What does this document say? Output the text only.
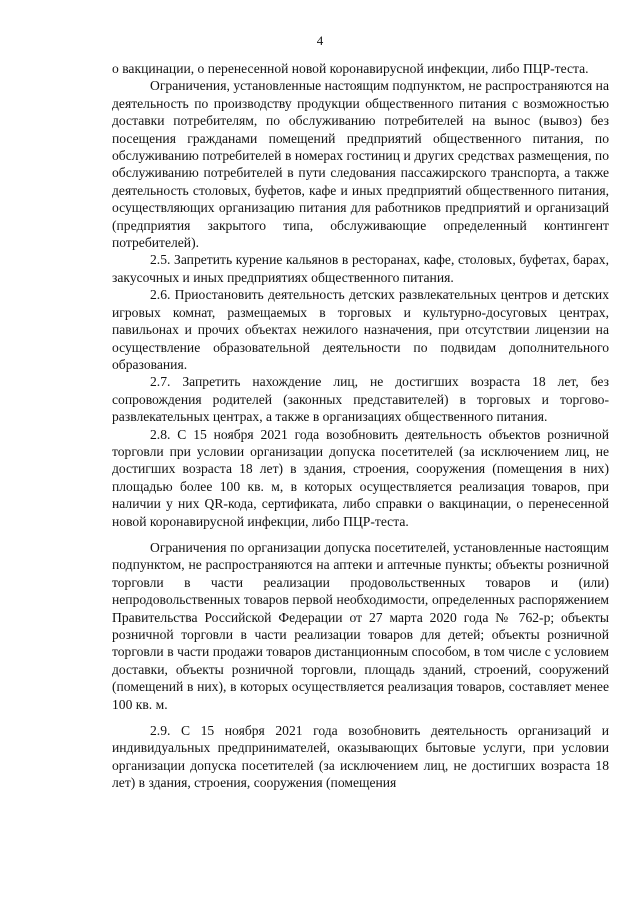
4

о вакцинации, о перенесенной новой коронавирусной инфекции, либо ПЦР-теста.

Ограничения, установленные настоящим подпунктом, не распространяются на деятельность по производству продукции общественного питания с возможностью доставки потребителям, по обслуживанию потребителей на вынос (вывоз) без посещения гражданами помещений предприятий общественного питания, по обслуживанию потребителей в номерах гостиниц и других средствах размещения, по обслуживанию потребителей в пути следования пассажирского транспорта, а также деятельность столовых, буфетов, кафе и иных предприятий общественного питания, осуществляющих организацию питания для работников предприятий и организаций (предприятия закрытого типа, обслуживающие определенный контингент потребителей).

2.5. Запретить курение кальянов в ресторанах, кафе, столовых, буфетах, барах, закусочных и иных предприятиях общественного питания.

2.6. Приостановить деятельность детских развлекательных центров и детских игровых комнат, размещаемых в торговых и культурно-досуговых центрах, павильонах и прочих объектах нежилого назначения, при отсутствии лицензии на осуществление образовательной деятельности по подвидам дополнительного образования.

2.7. Запретить нахождение лиц, не достигших возраста 18 лет, без сопровождения родителей (законных представителей) в торговых и торгово-развлекательных центрах, а также в организациях общественного питания.

2.8. С 15 ноября 2021 года возобновить деятельность объектов розничной торговли при условии организации допуска посетителей (за исключением лиц, не достигших возраста 18 лет) в здания, строения, сооружения (помещения в них) площадью более 100 кв. м, в которых осуществляется реализация товаров, при наличии у них QR-кода, сертификата, либо справки о вакцинации, о перенесенной новой коронавирусной инфекции, либо ПЦР-теста.

Ограничения по организации допуска посетителей, установленные настоящим подпунктом, не распространяются на аптеки и аптечные пункты; объекты розничной торговли в части реализации продовольственных товаров и (или) непродовольственных товаров первой необходимости, определенных распоряжением Правительства Российской Федерации от 27 марта 2020 года № 762-р; объекты розничной торговли в части реализации товаров для детей; объекты розничной торговли в части продажи товаров дистанционным способом, в том числе с условием доставки, объекты розничной торговли, площадь зданий, строений, сооружений (помещений в них), в которых осуществляется реализация товаров, составляет менее 100 кв. м.

2.9. С 15 ноября 2021 года возобновить деятельность организаций и индивидуальных предпринимателей, оказывающих бытовые услуги, при условии организации допуска посетителей (за исключением лиц, не достигших возраста 18 лет) в здания, строения, сооружения (помещения
